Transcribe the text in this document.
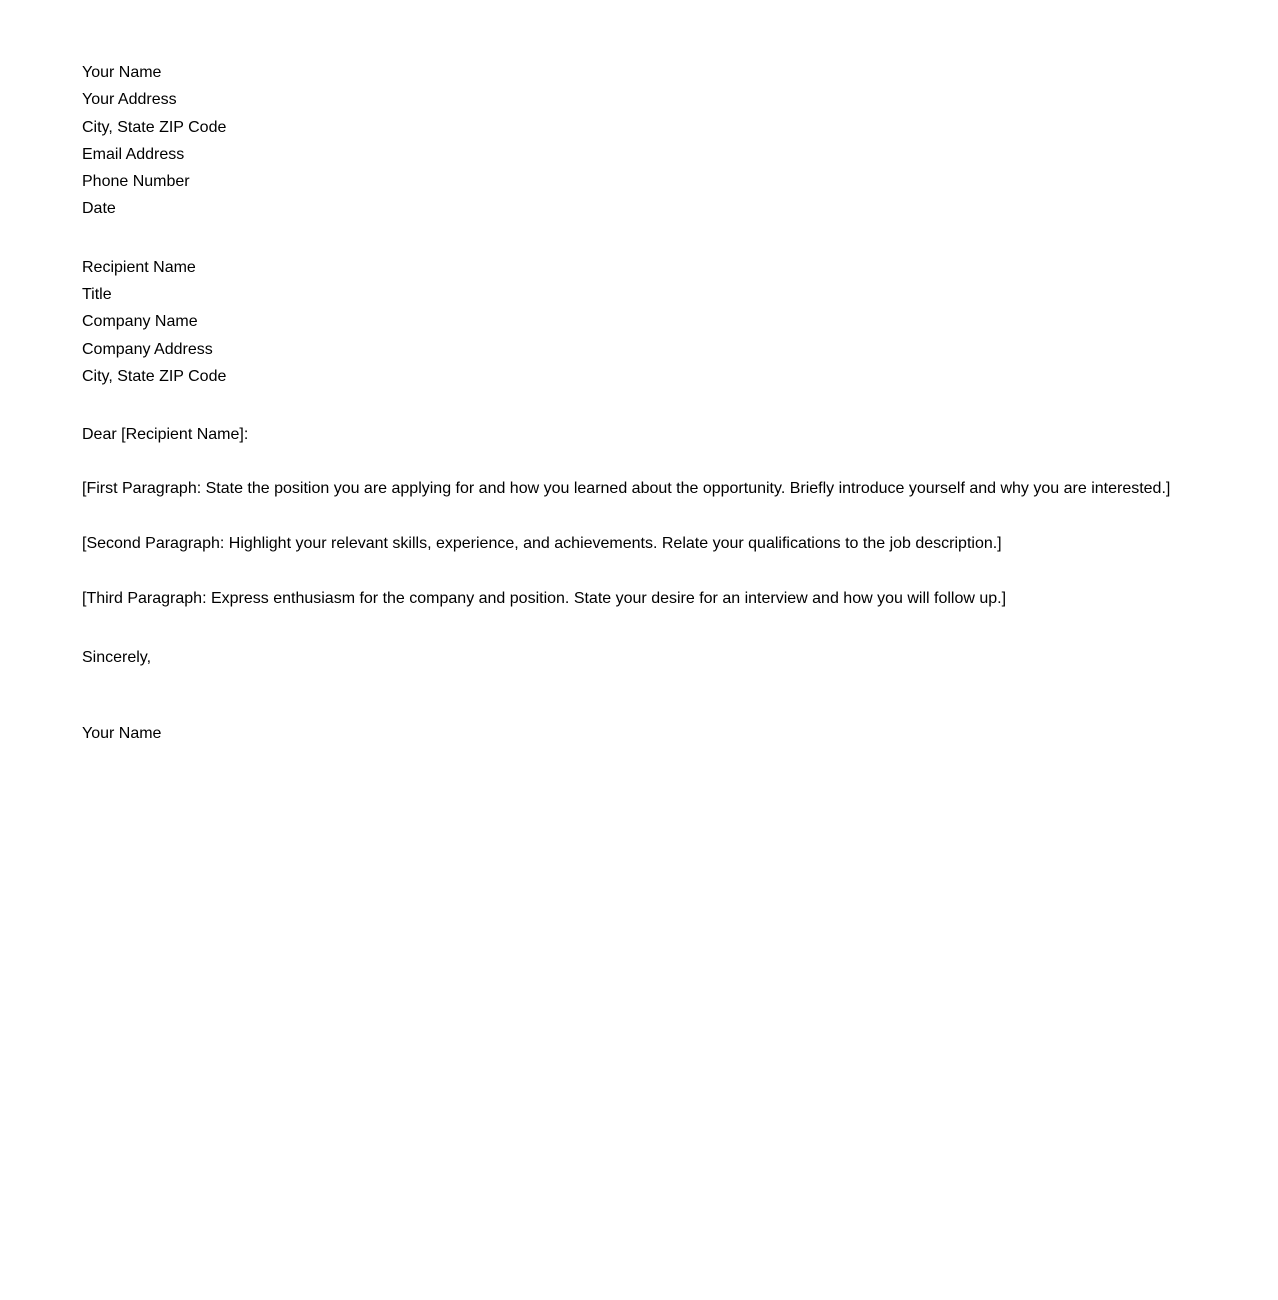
Your Name
Your Address
City, State ZIP Code
Email Address
Phone Number
Date
Recipient Name
Title
Company Name
Company Address
City, State ZIP Code
Dear [Recipient Name]:
[First Paragraph: State the position you are applying for and how you learned about the opportunity. Briefly introduce yourself and why you are interested.]
[Second Paragraph: Highlight your relevant skills, experience, and achievements. Relate your qualifications to the job description.]
[Third Paragraph: Express enthusiasm for the company and position. State your desire for an interview and how you will follow up.]
Sincerely,
Your Name
